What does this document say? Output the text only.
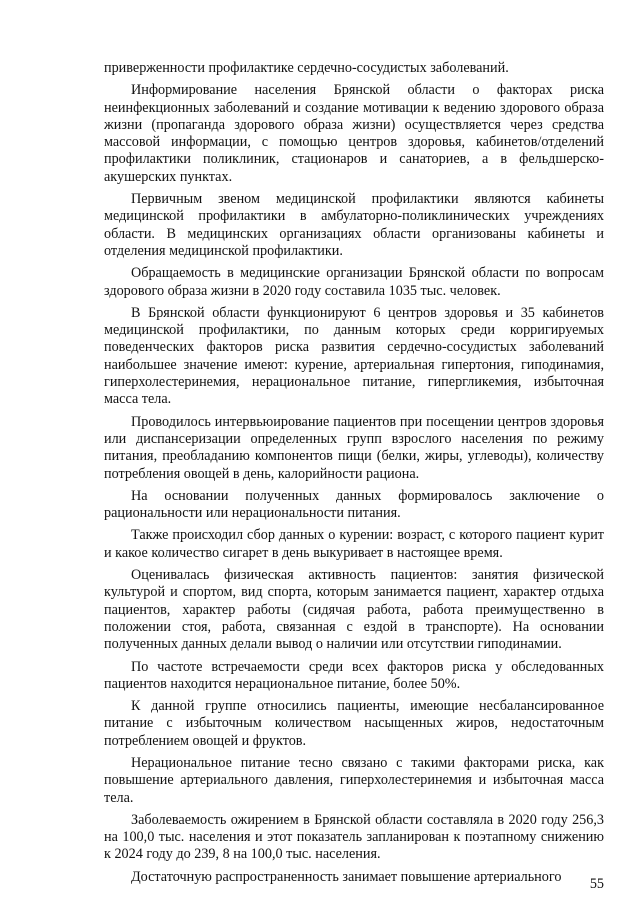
приверженности профилактике сердечно-сосудистых заболеваний.

Информирование населения Брянской области о факторах риска неинфекционных заболеваний и создание мотивации к ведению здорового образа жизни (пропаганда здорового образа жизни) осуществляется через средства массовой информации, с помощью центров здоровья, кабинетов/отделений профилактики поликлиник, стационаров и санаториев, а в фельдшерско-акушерских пунктах.

Первичным звеном медицинской профилактики являются кабинеты медицинской профилактики в амбулаторно-поликлинических учреждениях области. В медицинских организациях области организованы кабинеты и отделения медицинской профилактики.

Обращаемость в медицинские организации Брянской области по вопросам здорового образа жизни в 2020 году составила 1035 тыс. человек.

В Брянской области функционируют 6 центров здоровья и 35 кабинетов медицинской профилактики, по данным которых среди корригируемых поведенческих факторов риска развития сердечно-сосудистых заболеваний наибольшее значение имеют: курение, артериальная гипертония, гиподинамия, гиперхолестеринемия, нерациональное питание, гипергликемия, избыточная масса тела.

Проводилось интервьюирование пациентов при посещении центров здоровья или диспансеризации определенных групп взрослого населения по режиму питания, преобладанию компонентов пищи (белки, жиры, углеводы), количеству потребления овощей в день, калорийности рациона.

На основании полученных данных формировалось заключение о рациональности или нерациональности питания.

Также происходил сбор данных о курении: возраст, с которого пациент курит и какое количество сигарет в день выкуривает в настоящее время.

Оценивалась физическая активность пациентов: занятия физической культурой и спортом, вид спорта, которым занимается пациент, характер отдыха пациентов, характер работы (сидячая работа, работа преимущественно в положении стоя, работа, связанная с ездой в транспорте). На основании полученных данных делали вывод о наличии или отсутствии гиподинамии.

По частоте встречаемости среди всех факторов риска у обследованных пациентов находится нерациональное питание, более 50%.

К данной группе относились пациенты, имеющие несбалансированное питание с избыточным количеством насыщенных жиров, недостаточным потреблением овощей и фруктов.

Нерациональное питание тесно связано с такими факторами риска, как повышение артериального давления, гиперхолестеринемия и избыточная масса тела.

Заболеваемость ожирением в Брянской области составляла в 2020 году 256,3 на 100,0 тыс. населения и этот показатель запланирован к поэтапному снижению к 2024 году до 239, 8 на 100,0 тыс. населения.

Достаточную распространенность занимает повышение артериального	55
